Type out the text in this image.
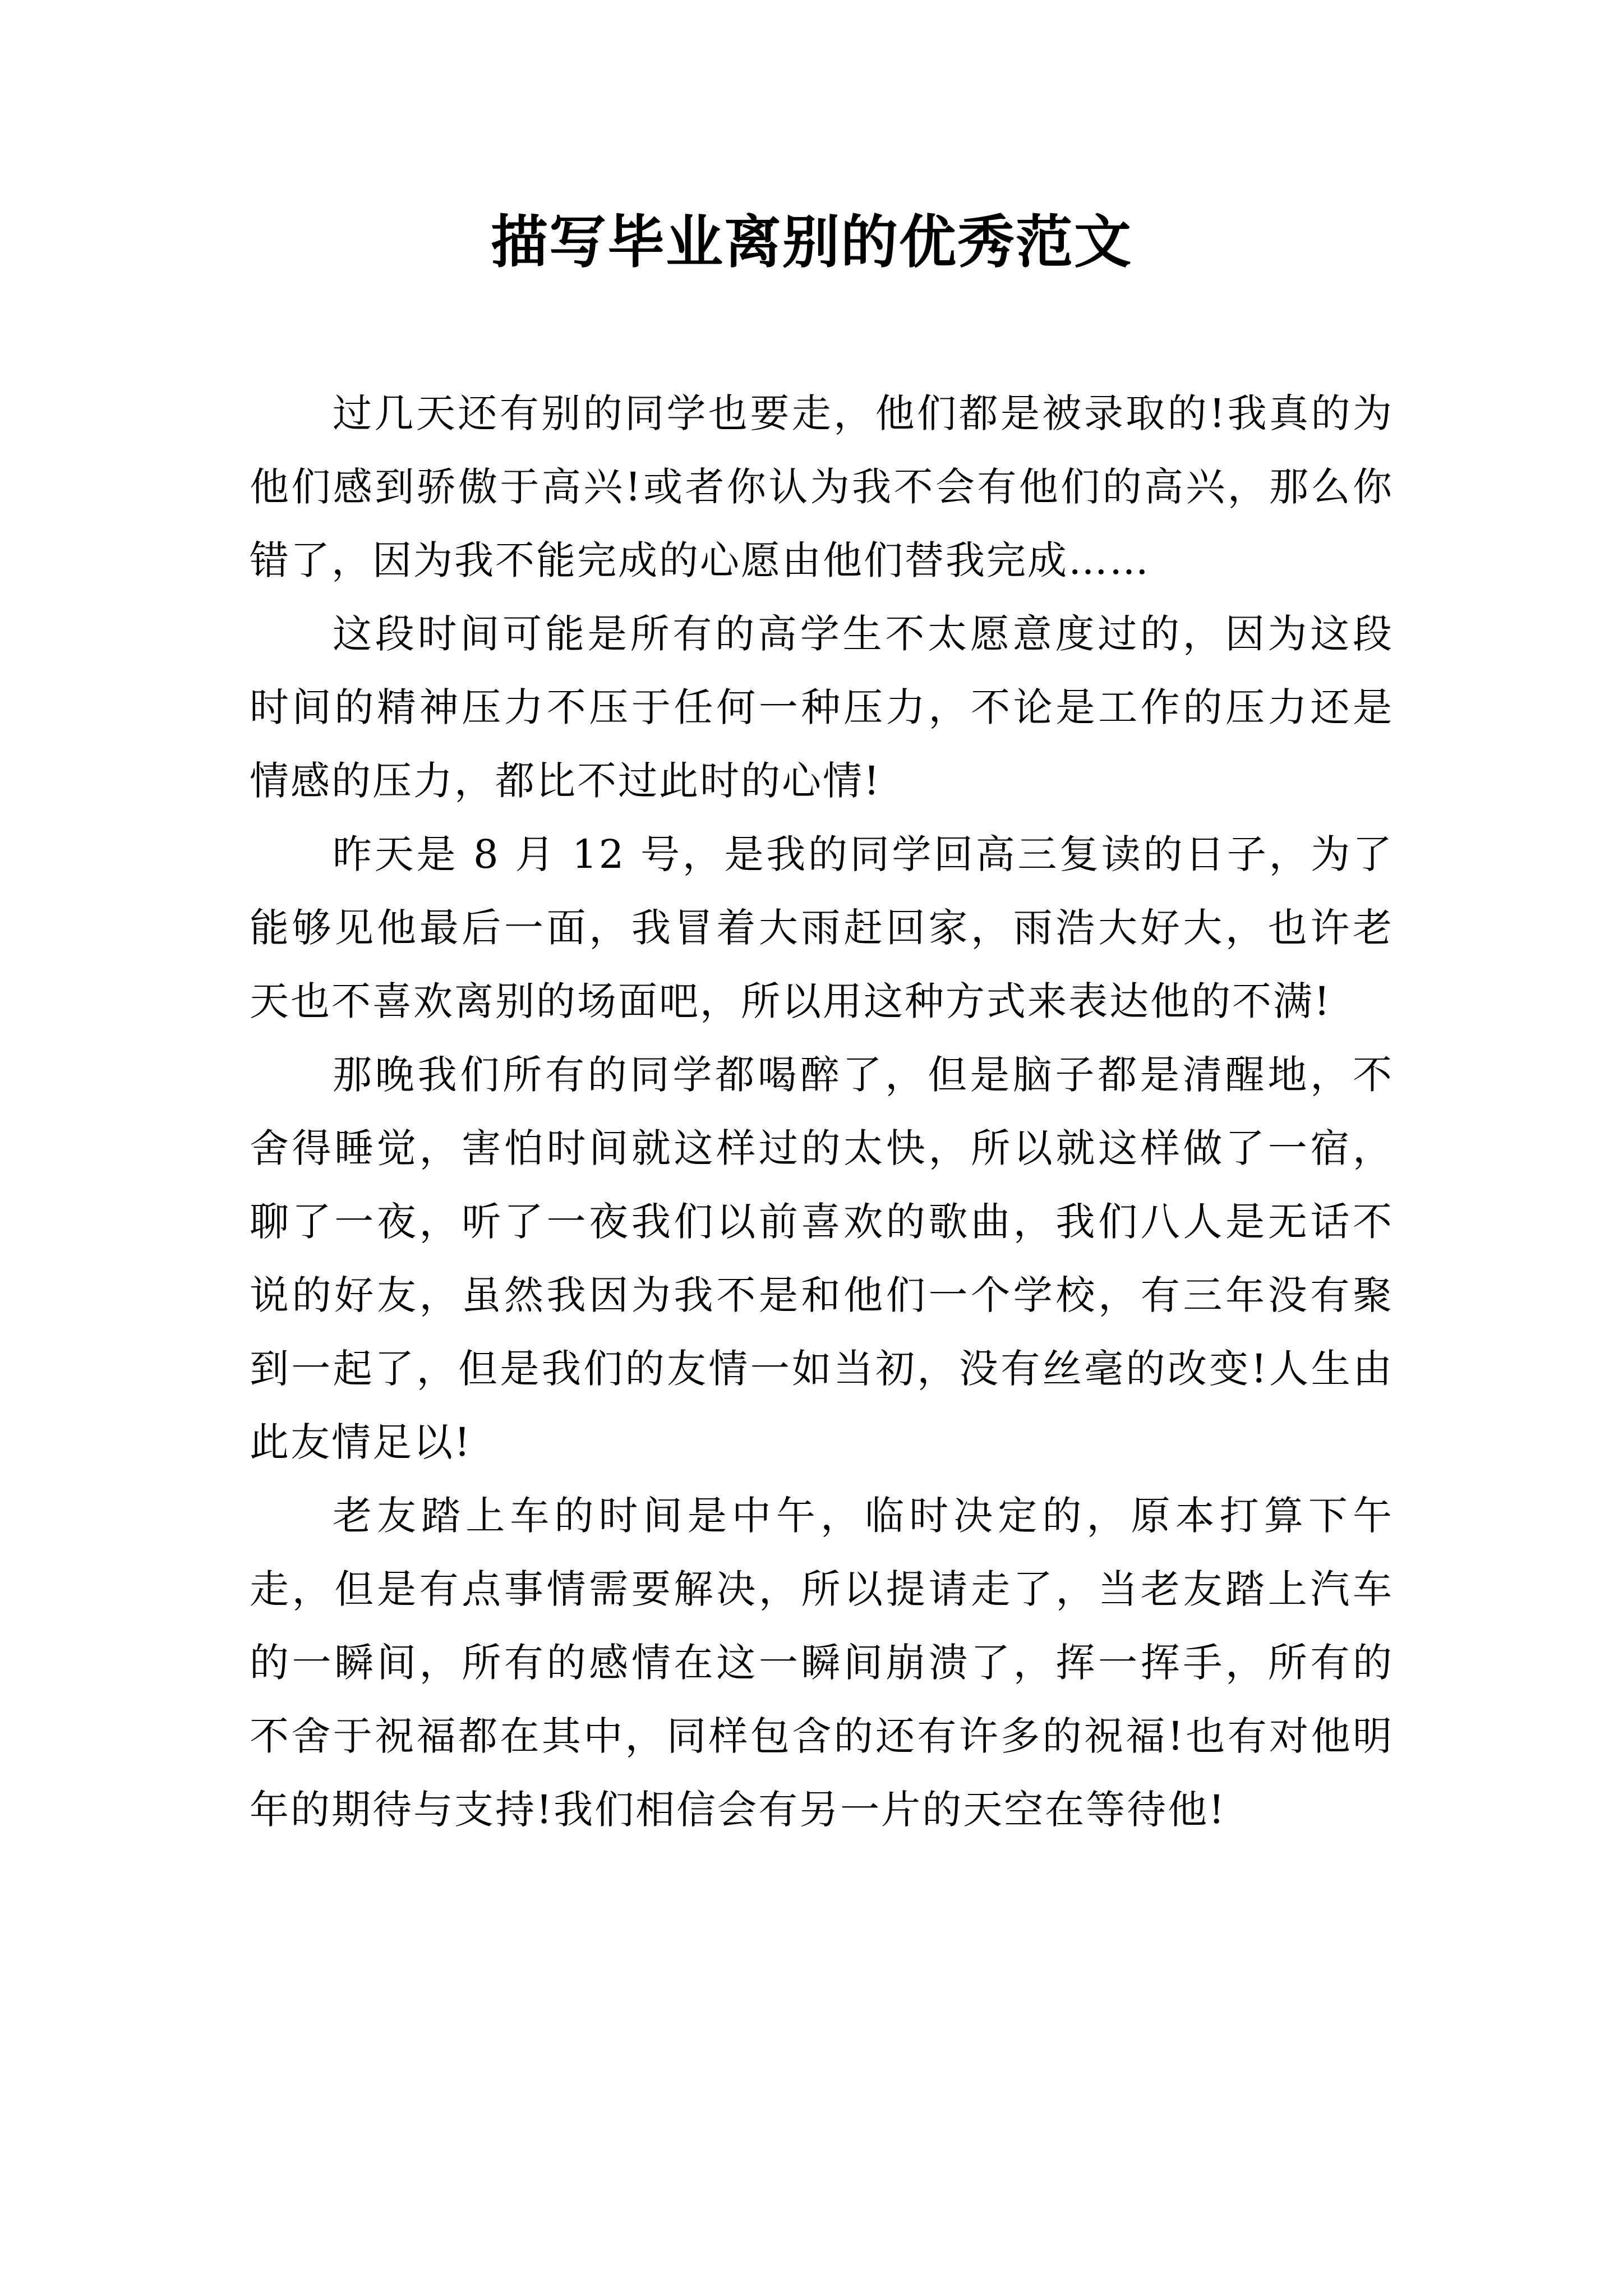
描写毕业离别的优秀范文

过几天还有别的同学也要走，他们都是被录取的!我真的为他们感到骄傲于高兴!或者你认为我不会有他们的高兴，那么你错了，因为我不能完成的心愿由他们替我完成……

这段时间可能是所有的高学生不太愿意度过的，因为这段时间的精神压力不压于任何一种压力，不论是工作的压力还是情感的压力，都比不过此时的心情!

昨天是 8 月 12 号，是我的同学回高三复读的日子，为了能够见他最后一面，我冒着大雨赶回家，雨浩大好大，也许老天也不喜欢离别的场面吧，所以用这种方式来表达他的不满!

那晚我们所有的同学都喝醉了，但是脑子都是清醒地，不舍得睡觉，害怕时间就这样过的太快，所以就这样做了一宿，聊了一夜，听了一夜我们以前喜欢的歌曲，我们八人是无话不说的好友，虽然我因为我不是和他们一个学校，有三年没有聚到一起了，但是我们的友情一如当初，没有丝毫的改变!人生由此友情足以!

老友踏上车的时间是中午，临时决定的，原本打算下午走，但是有点事情需要解决，所以提请走了，当老友踏上汽车的一瞬间，所有的感情在这一瞬间崩溃了，挥一挥手，所有的不舍于祝福都在其中，同样包含的还有许多的祝福!也有对他明年的期待与支持!我们相信会有另一片的天空在等待他!
